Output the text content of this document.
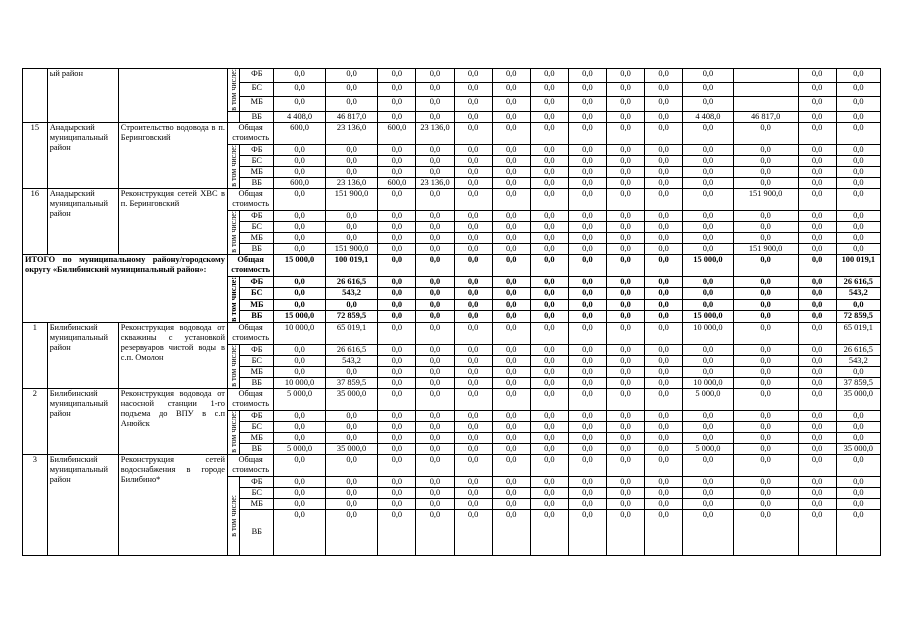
	ый район		в том числе:	ФБ	0,0	0,0	0,0	0,0	0,0	0,0	0,0	0,0	0,0	0,0	0,0		0,0	0,0
				БС	0,0	0,0	0,0	0,0	0,0	0,0	0,0	0,0	0,0	0,0	0,0		0,0	0,0
				МБ	0,0	0,0	0,0	0,0	0,0	0,0	0,0	0,0	0,0	0,0	0,0		0,0	0,0
				ВБ	4 408,0	46 817,0	0,0	0,0	0,0	0,0	0,0	0,0	0,0	0,0	4 408,0	46 817,0	0,0	0,0
15	Анадырский муниципальный район	Строительство водовода в п. Беринговский	Общая стоимость		600,0	23 136,0	600,0	23 136,0	0,0	0,0	0,0	0,0	0,0	0,0	0,0	0,0	0,0	0,0

			в том числе:	ФБ	0,0	0,0	0,0	0,0	0,0	0,0	0,0	0,0	0,0	0,0	0,0	0,0	0,0	0,0
				БС	0,0	0,0	0,0	0,0	0,0	0,0	0,0	0,0	0,0	0,0	0,0	0,0	0,0	0,0
				МБ	0,0	0,0	0,0	0,0	0,0	0,0	0,0	0,0	0,0	0,0	0,0	0,0	0,0	0,0
				ВБ	600,0	23 136,0	600,0	23 136,0	0,0	0,0	0,0	0,0	0,0	0,0	0,0	0,0	0,0	0,0
16	Анадырский муниципальный район	Реконструкция сетей ХВС в п. Беринговский	Общая стоимость		0,0	151 900,0	0,0	0,0	0,0	0,0	0,0	0,0	0,0	0,0	0,0	151 900,0	0,0	0,0

			в том числе:	ФБ	0,0	0,0	0,0	0,0	0,0	0,0	0,0	0,0	0,0	0,0	0,0	0,0	0,0	0,0
				БС	0,0	0,0	0,0	0,0	0,0	0,0	0,0	0,0	0,0	0,0	0,0	0,0	0,0	0,0
				МБ	0,0	0,0	0,0	0,0	0,0	0,0	0,0	0,0	0,0	0,0	0,0	0,0	0,0	0,0
				ВБ	0,0	151 900,0	0,0	0,0	0,0	0,0	0,0	0,0	0,0	0,0	0,0	151 900,0	0,0	0,0
ИТОГО по муниципальному району/городскому округу «Билибинский муниципальный район»:			Общая стоимость		15 000,0	100 019,1	0,0	0,0	0,0	0,0	0,0	0,0	0,0	0,0	15 000,0	0,0	0,0	100 019,1

			в том числе:	ФБ	0,0	26 616,5	0,0	0,0	0,0	0,0	0,0	0,0	0,0	0,0	0,0	0,0	0,0	26 616,5
				БС	0,0	543,2	0,0	0,0	0,0	0,0	0,0	0,0	0,0	0,0	0,0	0,0	0,0	543,2
				МБ	0,0	0,0	0,0	0,0	0,0	0,0	0,0	0,0	0,0	0,0	0,0	0,0	0,0	0,0
				ВБ	15 000,0	72 859,5	0,0	0,0	0,0	0,0	0,0	0,0	0,0	0,0	15 000,0	0,0	0,0	72 859,5
1	Билибинский муниципальный район	Реконструкция водовода от скважины с установкой резервуаров чистой воды в с.п. Омолон	Общая стоимость		10 000,0	65 019,1	0,0	0,0	0,0	0,0	0,0	0,0	0,0	0,0	10 000,0	0,0	0,0	65 019,1

			в том числе:	ФБ	0,0	26 616,5	0,0	0,0	0,0	0,0	0,0	0,0	0,0	0,0	0,0	0,0	0,0	26 616,5
				БС	0,0	543,2	0,0	0,0	0,0	0,0	0,0	0,0	0,0	0,0	0,0	0,0	0,0	543,2
				МБ	0,0	0,0	0,0	0,0	0,0	0,0	0,0	0,0	0,0	0,0	0,0	0,0	0,0	0,0
				ВБ	10 000,0	37 859,5	0,0	0,0	0,0	0,0	0,0	0,0	0,0	0,0	10 000,0	0,0	0,0	37 859,5
2	Билибинский муниципальный район	Реконструкция водовода от насосной станции 1-го подъема до ВПУ в с.п Анюйск	Общая стоимость		5 000,0	35 000,0	0,0	0,0	0,0	0,0	0,0	0,0	0,0	0,0	5 000,0	0,0	0,0	35 000,0

			в том числе:	ФБ	0,0	0,0	0,0	0,0	0,0	0,0	0,0	0,0	0,0	0,0	0,0	0,0	0,0	0,0
				БС	0,0	0,0	0,0	0,0	0,0	0,0	0,0	0,0	0,0	0,0	0,0	0,0	0,0	0,0
				МБ	0,0	0,0	0,0	0,0	0,0	0,0	0,0	0,0	0,0	0,0	0,0	0,0	0,0	0,0
				ВБ	5 000,0	35 000,0	0,0	0,0	0,0	0,0	0,0	0,0	0,0	0,0	5 000,0	0,0	0,0	35 000,0
3	Билибинский муниципальный район	Реконструкция сетей водоснабжения в городе Билибино*	Общая стоимость		0,0	0,0	0,0	0,0	0,0	0,0	0,0	0,0	0,0	0,0	0,0	0,0	0,0	0,0

			в том числе:	ФБ	0,0	0,0	0,0	0,0	0,0	0,0	0,0	0,0	0,0	0,0	0,0	0,0	0,0	0,0
				БС	0,0	0,0	0,0	0,0	0,0	0,0	0,0	0,0	0,0	0,0	0,0	0,0	0,0	0,0
				МБ	0,0	0,0	0,0	0,0	0,0	0,0	0,0	0,0	0,0	0,0	0,0	0,0	0,0	0,0
				ВБ	0,0	0,0	0,0	0,0	0,0	0,0	0,0	0,0	0,0	0,0	0,0	0,0	0,0	0,0
